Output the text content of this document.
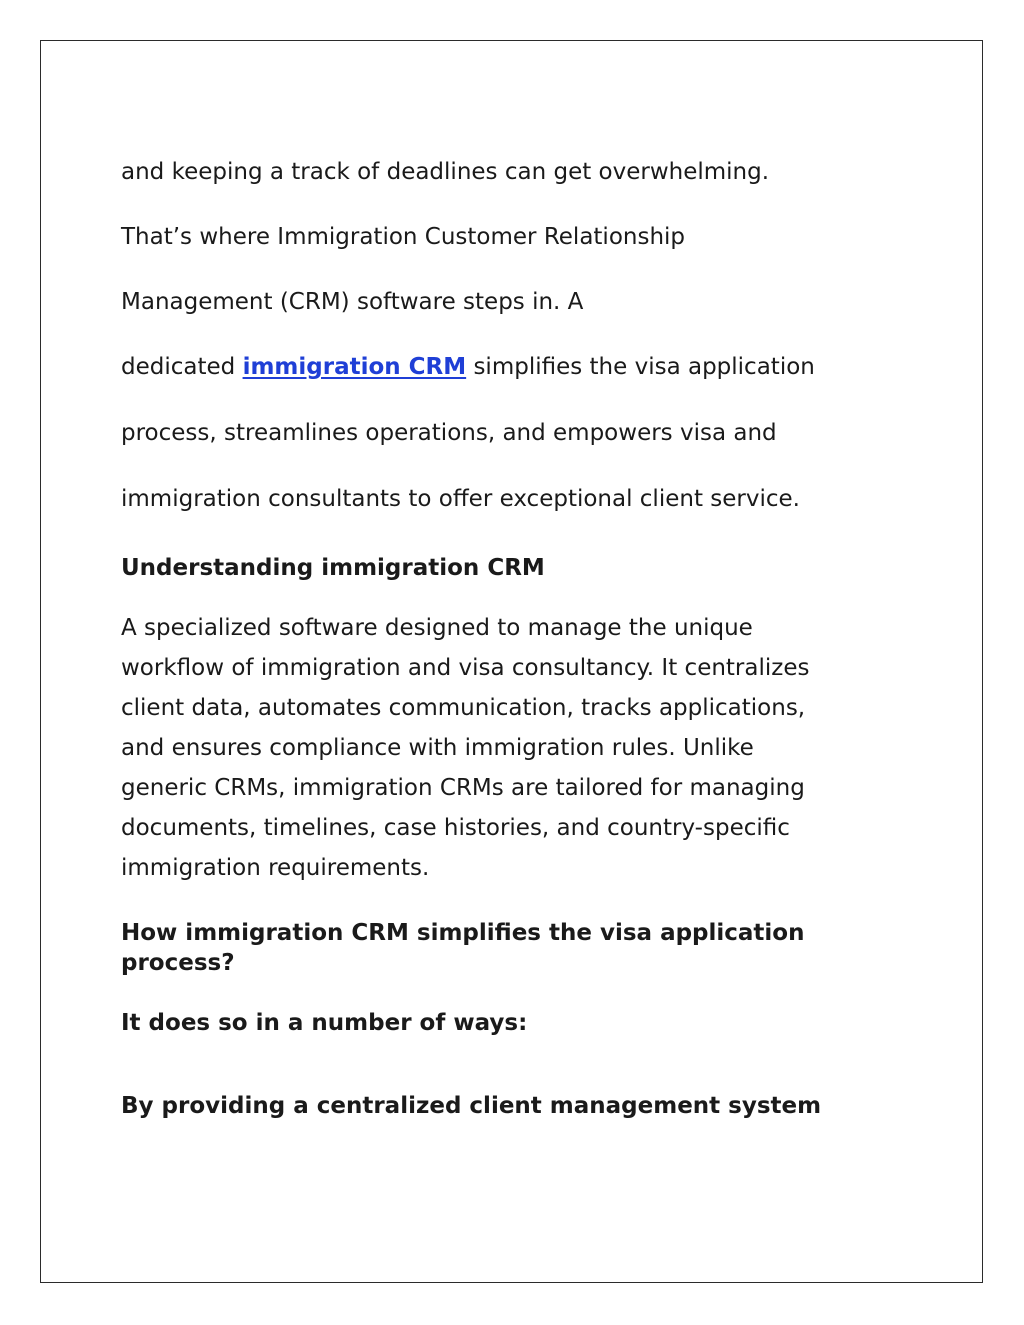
and keeping a track of deadlines can get overwhelming.

That’s where Immigration Customer Relationship

Management (CRM) software steps in. A

dedicated immigration CRM simplifies the visa application

process, streamlines operations, and empowers visa and

immigration consultants to offer exceptional client service.

Understanding immigration CRM
A specialized software designed to manage the unique
workflow of immigration and visa consultancy. It centralizes
client data, automates communication, tracks applications,
and ensures compliance with immigration rules. Unlike
generic CRMs, immigration CRMs are tailored for managing
documents, timelines, case histories, and country-specific
immigration requirements.
How immigration CRM simplifies the visa application
process?
It does so in a number of ways:
By providing a centralized client management system
